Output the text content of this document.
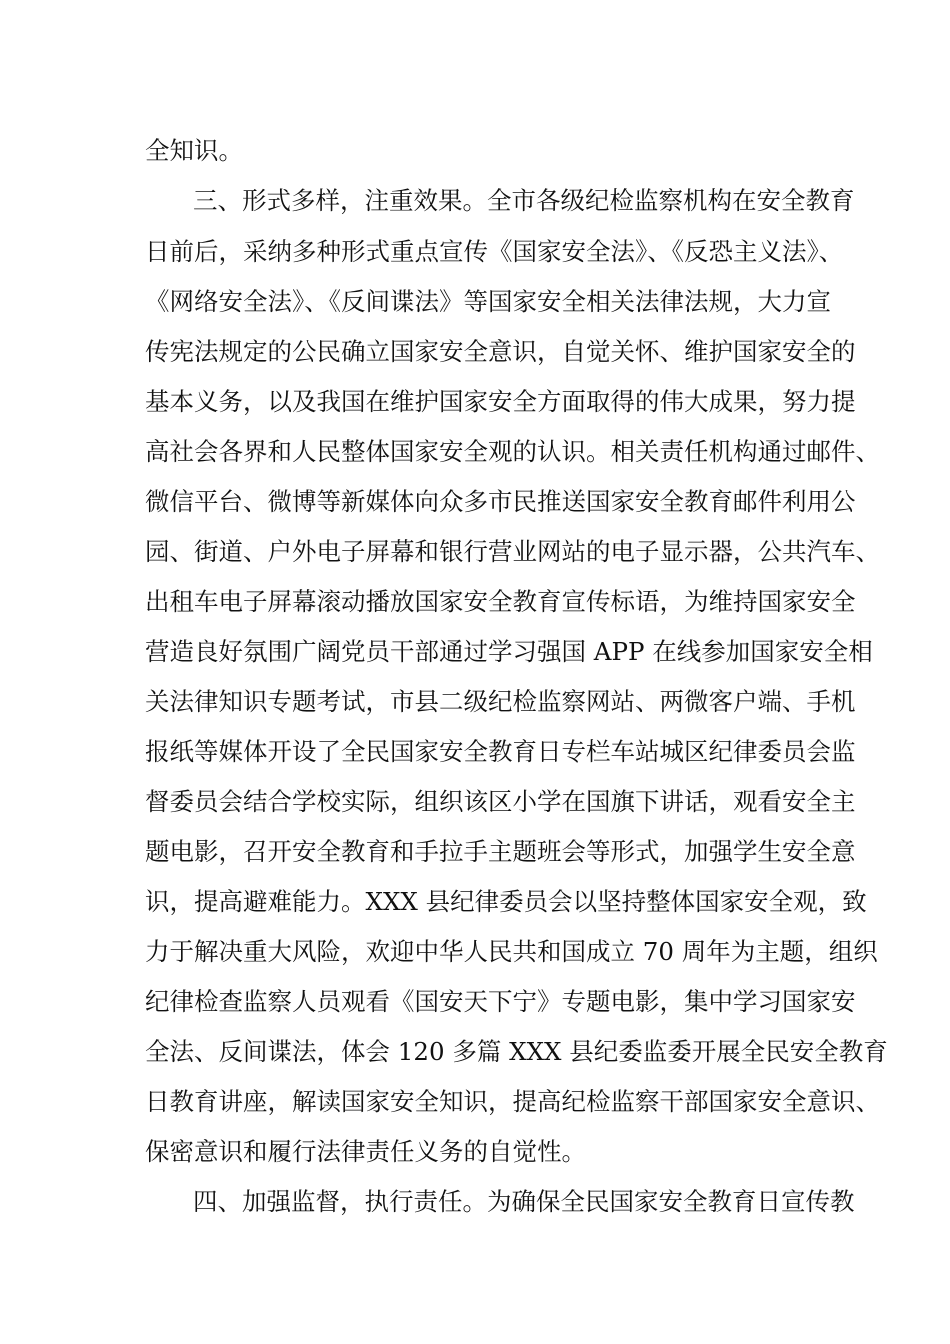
全知识。
三、形式多样，注重效果。全市各级纪检监察机构在安全教育
日前后，采纳多种形式重点宣传《国家安全法》、《反恐主义法》、
《网络安全法》、《反间谍法》等国家安全相关法律法规，大力宣
传宪法规定的公民确立国家安全意识，自觉关怀、维护国家安全的
基本义务，以及我国在维护国家安全方面取得的伟大成果，努力提
高社会各界和人民整体国家安全观的认识。相关责任机构通过邮件、
微信平台、微博等新媒体向众多市民推送国家安全教育邮件利用公
园、街道、户外电子屏幕和银行营业网站的电子显示器，公共汽车、
出租车电子屏幕滚动播放国家安全教育宣传标语，为维持国家安全
营造良好氛围广阔党员干部通过学习强国 APP 在线参加国家安全相
关法律知识专题考试，市县二级纪检监察网站、两微客户端、手机
报纸等媒体开设了全民国家安全教育日专栏车站城区纪律委员会监
督委员会结合学校实际，组织该区小学在国旗下讲话，观看安全主
题电影，召开安全教育和手拉手主题班会等形式，加强学生安全意
识，提高避难能力。XXX 县纪律委员会以坚持整体国家安全观，致
力于解决重大风险，欢迎中华人民共和国成立 70 周年为主题，组织
纪律检查监察人员观看《国安天下宁》专题电影，集中学习国家安
全法、反间谍法，体会 120 多篇 XXX 县纪委监委开展全民安全教育
日教育讲座，解读国家安全知识，提高纪检监察干部国家安全意识、
保密意识和履行法律责任义务的自觉性。
四、加强监督，执行责任。为确保全民国家安全教育日宣传教
